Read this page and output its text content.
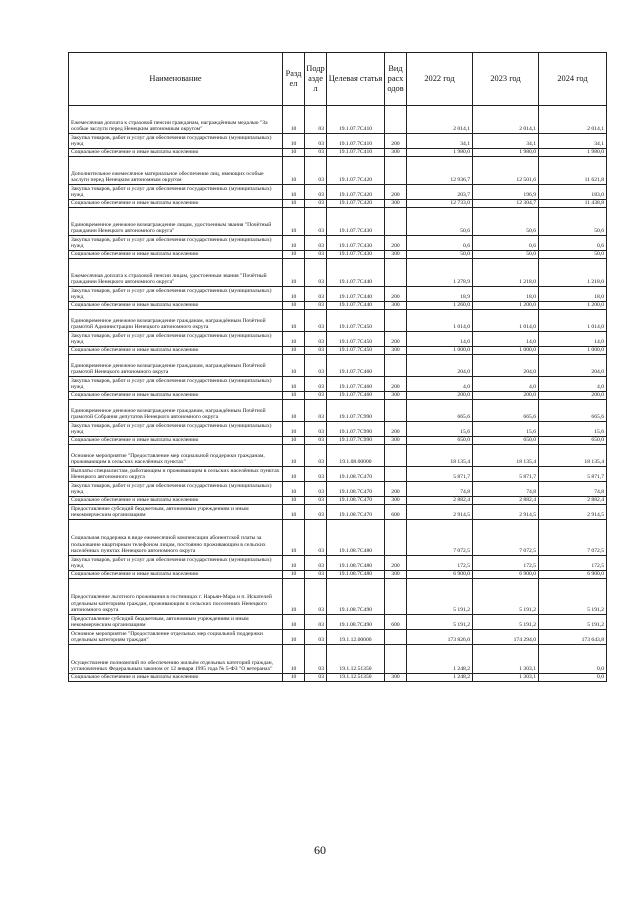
Наименование	Разд ел	Подр азде л	Целевая статья	Вид расх одов	2022 год	2023 год	2024 год
Ежемесячная доплата к страховой пенсии гражданам, награждённым медалью "За особые заслуги перед Ненецким автономным округом"	10	03	19.1.07.7С410		2 014,1	2 014,1	2 014,1
Закупка товаров, работ и услуг для обеспечения государственных (муниципальных) нужд	10	03	19.1.07.7С410	200	34,1	34,1	34,1
Социальное обеспечение и иные выплаты населению	10	03	19.1.07.7С410	300	1 980,0	1 980,0	1 980,0
Дополнительное ежемесячное материальное обеспечение лиц, имеющих особые заслуги перед Ненецким автономным округом	10	03	19.1.07.7С420		12 936,7	12 501,6	11 621,8
Закупка товаров, работ и услуг для обеспечения государственных (муниципальных) нужд	10	03	19.1.07.7С420	200	203,7	196,9	183,0
Социальное обеспечение и иные выплаты населению	10	03	19.1.07.7С420	300	12 733,0	12 304,7	11 438,8
Единовременное денежное вознаграждение лицам, удостоенным звания "Почётный гражданин Ненецкого автономного округа"	10	03	19.1.07.7С430		50,6	50,6	50,6
Закупка товаров, работ и услуг для обеспечения государственных (муниципальных) нужд	10	03	19.1.07.7С430	200	0,6	0,6	0,6
Социальное обеспечение и иные выплаты населению	10	03	19.1.07.7С430	300	50,0	50,0	50,0
Ежемесячная доплата к страховой пенсии лицам, удостоенным звания "Почётный гражданин Ненецкого автономного округа"	10	03	19.1.07.7С440		1 278,9	1 218,0	1 218,0
Закупка товаров, работ и услуг для обеспечения государственных (муниципальных) нужд	10	03	19.1.07.7С440	200	18,9	18,0	18,0
Социальное обеспечение и иные выплаты населению	10	03	19.1.07.7С440	300	1 260,0	1 200,0	1 200,0
Единовременное денежное вознаграждение гражданам, награждённым Почётной грамотой Администрации Ненецкого автономного округа	10	03	19.1.07.7С450		1 014,0	1 014,0	1 014,0
Закупка товаров, работ и услуг для обеспечения государственных (муниципальных) нужд	10	03	19.1.07.7С450	200	14,0	14,0	14,0
Социальное обеспечение и иные выплаты населению	10	03	19.1.07.7С450	300	1 000,0	1 000,0	1 000,0
Единовременное денежное вознаграждение гражданам, награждённым Почётной грамотой Ненецкого автономного округа	10	03	19.1.07.7С460		204,0	204,0	204,0
Закупка товаров, работ и услуг для обеспечения государственных (муниципальных) нужд	10	03	19.1.07.7С460	200	4,0	4,0	4,0
Социальное обеспечение и иные выплаты населению	10	03	19.1.07.7С460	300	200,0	200,0	200,0
Единовременное денежное вознаграждение гражданам, награждённым Почётной грамотой Собрания депутатов Ненецкого автономного округа	10	03	19.1.07.7С990		665,6	665,6	665,6
Закупка товаров, работ и услуг для обеспечения государственных (муниципальных) нужд	10	03	19.1.07.7С990	200	15,6	15,6	15,6
Социальное обеспечение и иные выплаты населению	10	03	19.1.07.7С990	300	650,0	650,0	650,0
Основное мероприятие "Предоставление мер социальной поддержки гражданам, проживающим в сельских населённых пунктах"	10	03	19.1.08.00000		18 135,4	18 135,4	18 135,4
Выплаты специалистам, работающим и проживающим в сельских населённых пунктах Ненецкого автономного округа	10	03	19.1.08.7С470		5 871,7	5 871,7	5 871,7
Закупка товаров, работ и услуг для обеспечения государственных (муниципальных) нужд	10	03	19.1.08.7С470	200	74,8	74,8	74,8
Социальное обеспечение и иные выплаты населению	10	03	19.1.08.7С470	300	2 882,4	2 882,4	2 882,4
Предоставление субсидий бюджетным, автономным учреждениям и иным некоммерческим организациям	10	03	19.1.08.7С470	600	2 914,5	2 914,5	2 914,5
Социальная поддержка в виде ежемесячной компенсации абонентской платы за пользование квартирным телефоном лицам, постоянно проживающим в сельских населённых пунктах Ненецкого автономного округа	10	03	19.1.08.7С480		7 072,5	7 072,5	7 072,5
Закупка товаров, работ и услуг для обеспечения государственных (муниципальных) нужд	10	03	19.1.08.7С480	200	172,5	172,5	172,5
Социальное обеспечение и иные выплаты населению	10	03	19.1.08.7С480	300	6 900,0	6 900,0	6 900,0
Предоставление льготного проживания в гостиницах г. Нарьян-Мара и п. Искателей отдельным категориям граждан, проживающим в сельских поселениях Ненецкого автономного округа	10	03	19.1.08.7С490		5 191,2	5 191,2	5 191,2
Предоставление субсидий бюджетным, автономным учреждениям и иным некоммерческим организациям	10	03	19.1.08.7С490	600	5 191,2	5 191,2	5 191,2
Основное мероприятие "Предоставление отдельных мер социальной поддержки отдельным категориям граждан"	10	03	19.1.12.00000		173 826,0	174 294,0	173 643,8
Осуществление полномочий по обеспечению жильём отдельных категорий граждан, установленных Федеральным законом от 12 января 1995 года № 5-ФЗ "О ветеранах"	10	03	19.1.12.51350		1 248,2	1 303,1	0,0
Социальное обеспечение и иные выплаты населению	10	03	19.1.12.51350	300	1 248,2	1 303,1	0,0
60
